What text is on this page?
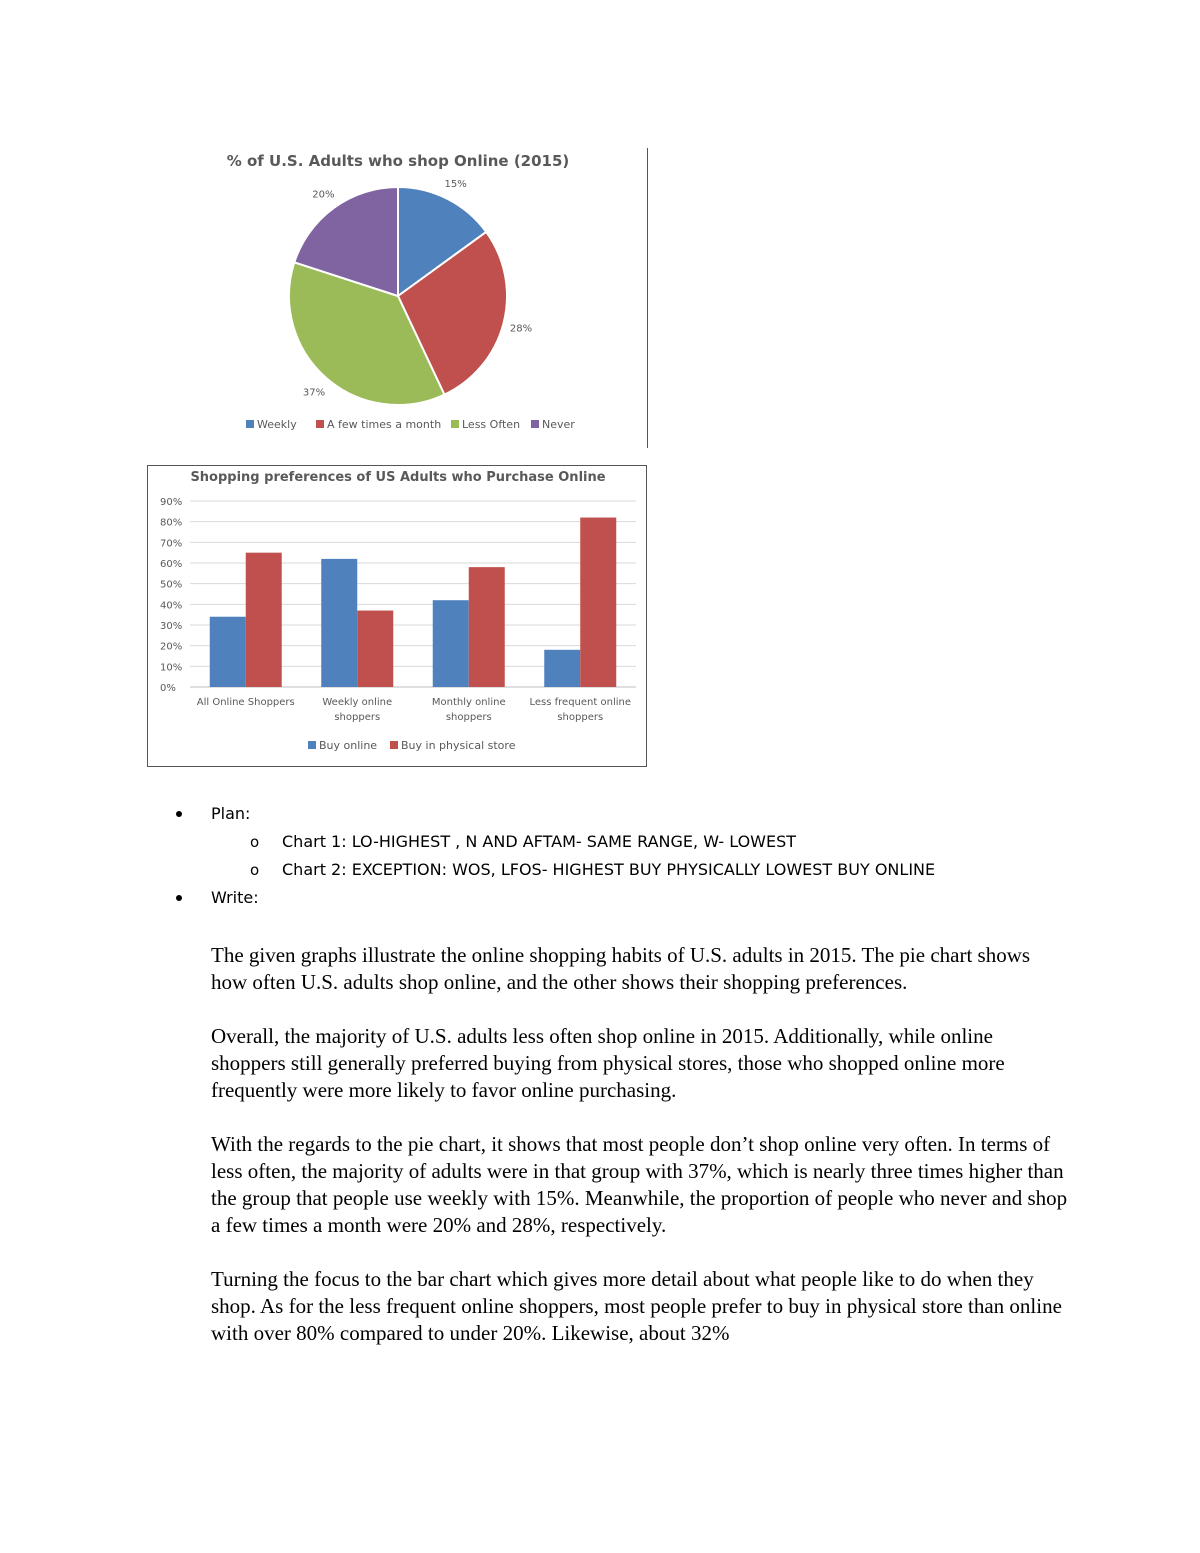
% of U.S. Adults who shop Online (2015)
15%
28%
37%
20%
Weekly	A few times a month Less Often Never
Shopping preferences of US Adults who Purchase Online
0%
10%
20%
30%
40%
50%
60%
70%
80%
90%
All Online Shoppers	Weekly online
shoppers
Monthly online
shoppers
Less frequent online
shoppers
Buy online Buy in physical store
Plan:
o Chart 1: LO-HIGHEST , N AND AFTAM- SAME RANGE, W- LOWEST
o Chart 2: EXCEPTION: WOS, LFOS- HIGHEST BUY PHYSICALLY LOWEST BUY ONLINE
Write:

The given graphs illustrate the online shopping habits of U.S. adults in 2015. The pie chart shows how often U.S. adults shop online, and the other shows their shopping preferences.

Overall, the majority of U.S. adults less often shop online in 2015. Additionally, while online shoppers still generally preferred buying from physical stores, those who shopped online more frequently were more likely to favor online purchasing.

With the regards to the pie chart, it shows that most people don’t shop online very often. In terms of less often, the majority of adults were in that group with 37%, which is nearly three times higher than the group that people use weekly with 15%. Meanwhile, the proportion of people who never and shop a few times a month were 20% and 28%, respectively.

Turning the focus to the bar chart which gives more detail about what people like to do when they shop. As for the less frequent online shoppers, most people prefer to buy in physical store than online with over 80% compared to under 20%. Likewise, about 32%
